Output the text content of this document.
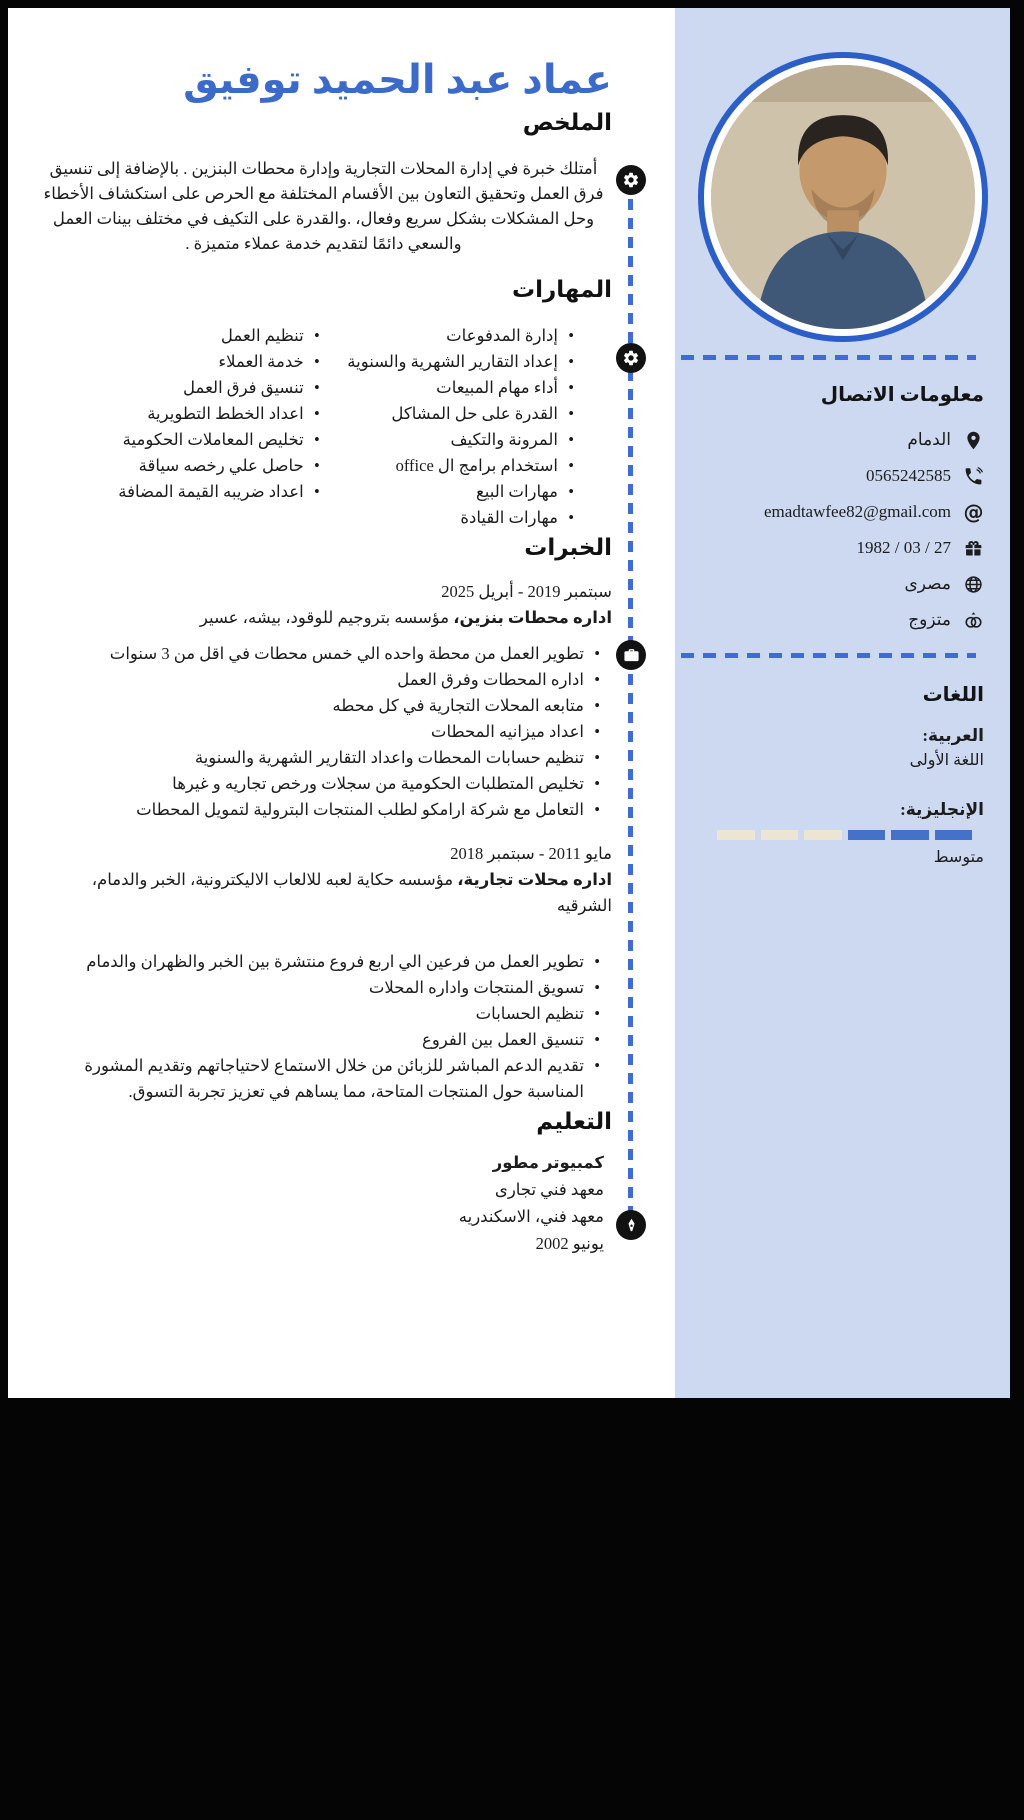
معلومات الاتصال
الدمام
0565242585
@
emadtawfee82@gmail.com
27 / 03 / 1982
مصرى
متزوج
اللغات
العربية:
اللغة الأولى
الإنجليزية:
متوسط
عماد عبد الحميد توفيق
الملخص

أمتلك خبرة في إدارة المحلات التجارية وإدارة محطات البنزين . بالإضافة إلى تنسيق فرق العمل وتحقيق التعاون بين الأقسام المختلفة مع الحرص على استكشاف الأخطاء وحل المشكلات بشكل سريع وفعال، .والقدرة على التكيف في مختلف بينات العمل والسعي دائمًا لتقديم خدمة عملاء متميزة .

المهارات
• إدارة المدفوعات
• إعداد التقارير الشهرية والسنوية
• أداء مهام المبيعات
• القدرة على حل المشاكل
• المرونة والتكيف
• استخدام برامج ال office
• مهارات البيع
• مهارات القيادة
• تنظيم العمل
• خدمة العملاء
• تنسيق فرق العمل
• اعداد الخطط التطويرية
• تخليص المعاملات الحكومية
• حاصل علي رخصه سياقة
• اعداد ضريبه القيمة المضافة
الخبرات
سبتمبر 2019 - أبريل 2025
اداره محطات بنزين، مؤسسه بتروجيم للوقود، بيشه، عسير
• تطوير العمل من محطة واحده الي خمس محطات في اقل من 3 سنوات
• اداره المحطات وفرق العمل
• متابعه المحلات التجارية في كل محطه
• اعداد ميزانيه المحطات
• تنظيم حسابات المحطات واعداد التقارير الشهرية والسنوية
• تخليص المتطلبات الحكومية من سجلات ورخص تجاريه و غيرها
• التعامل مع شركة ارامكو لطلب المنتجات البترولية لتمويل المحطات
مايو 2011 - سبتمبر 2018
اداره محلات تجارية، مؤسسه حكاية لعبه للالعاب الاليكترونية، الخبر والدمام، الشرقيه
• تطوير العمل من فرعين الي اربع فروع منتشرة بين الخبر والظهران والدمام
• تسويق المنتجات واداره المحلات
• تنظيم الحسابات
• تنسيق العمل بين الفروع
• تقديم الدعم المباشر للزبائن من خلال الاستماع لاحتياجاتهم وتقديم المشورة المناسبة حول المنتجات المتاحة، مما يساهم في تعزيز تجربة التسوق.
التعليم
كمبيوتر مطور
معهد فني تجارى
معهد فني، الاسكندريه
يونيو 2002
